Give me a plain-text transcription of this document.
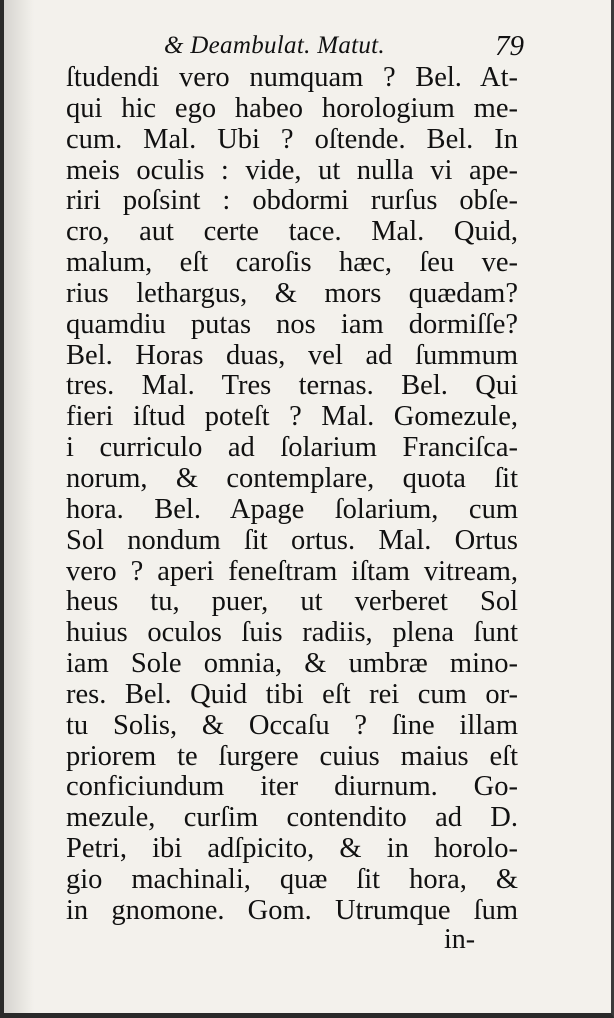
& Deambulat. Matut.	79
ſtudendi vero numquam ? Bel. At-
qui hic ego habeo horologium me-
cum. Mal. Ubi ? oſtende. Bel. In
meis oculis : vide, ut nulla vi ape-
riri poſsint : obdormi rurſus obſe-
cro, aut certe tace. Mal. Quid,
malum, eſt caroſis hæc, ſeu ve-
rius lethargus, & mors quædam?
quamdiu putas nos iam dormiſſe?
Bel. Horas duas, vel ad ſummum
tres. Mal. Tres ternas. Bel. Qui
fieri iſtud poteſt ? Mal. Gomezule,
i curriculo ad ſolarium Franciſca-
norum, & contemplare, quota ſit
hora. Bel. Apage ſolarium, cum
Sol nondum ſit ortus. Mal. Ortus
vero ? aperi feneſtram iſtam vitream,
heus tu, puer, ut verberet Sol
huius oculos ſuis radiis, plena ſunt
iam Sole omnia, & umbræ mino-
res. Bel. Quid tibi eſt rei cum or-
tu Solis, & Occaſu ? ſine illam
priorem te ſurgere cuius maius eſt
conficiundum iter diurnum. Go-
mezule, curſim contendito ad D.
Petri, ibi adſpicito, & in horolo-
gio machinali, quæ ſit hora, &
in gnomone. Gom. Utrumque ſum
in-
